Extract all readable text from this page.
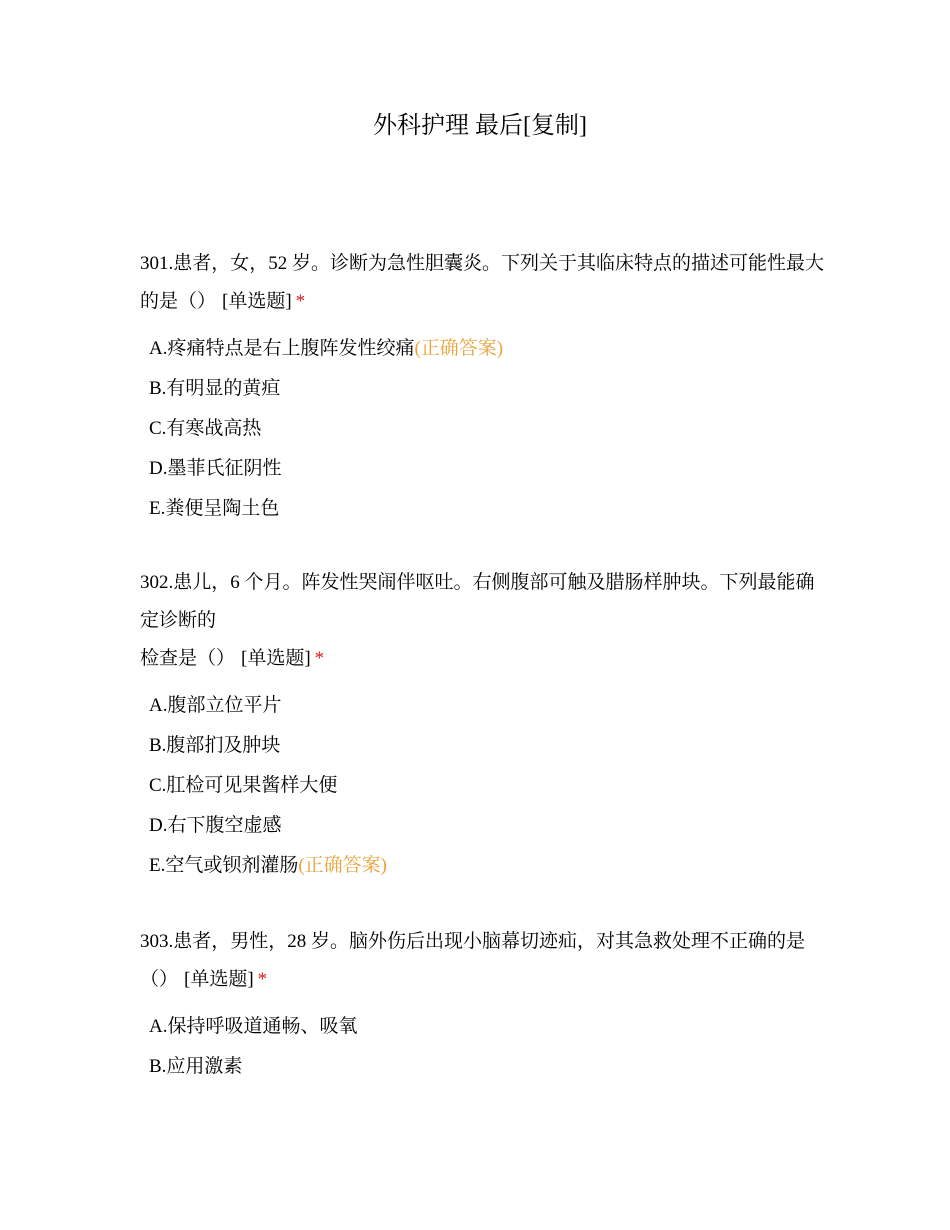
外科护理 最后[复制]
301.患者，女，52 岁。诊断为急性胆囊炎。下列关于其临床特点的描述可能性最大
的是（） [单选题] *
A.疼痛特点是右上腹阵发性绞痛(正确答案)
B.有明显的黄疸
C.有寒战高热
D.墨菲氏征阴性
E.粪便呈陶土色
302.患儿，6 个月。阵发性哭闹伴呕吐。右侧腹部可触及腊肠样肿块。下列最能确
定诊断的
检查是（） [单选题] *
A.腹部立位平片
B.腹部扪及肿块
C.肛检可见果酱样大便
D.右下腹空虚感
E.空气或钡剂灌肠(正确答案)
303.患者，男性，28 岁。脑外伤后出现小脑幕切迹疝，对其急救处理不正确的是
（） [单选题] *
A.保持呼吸道通畅、吸氧
B.应用激素
